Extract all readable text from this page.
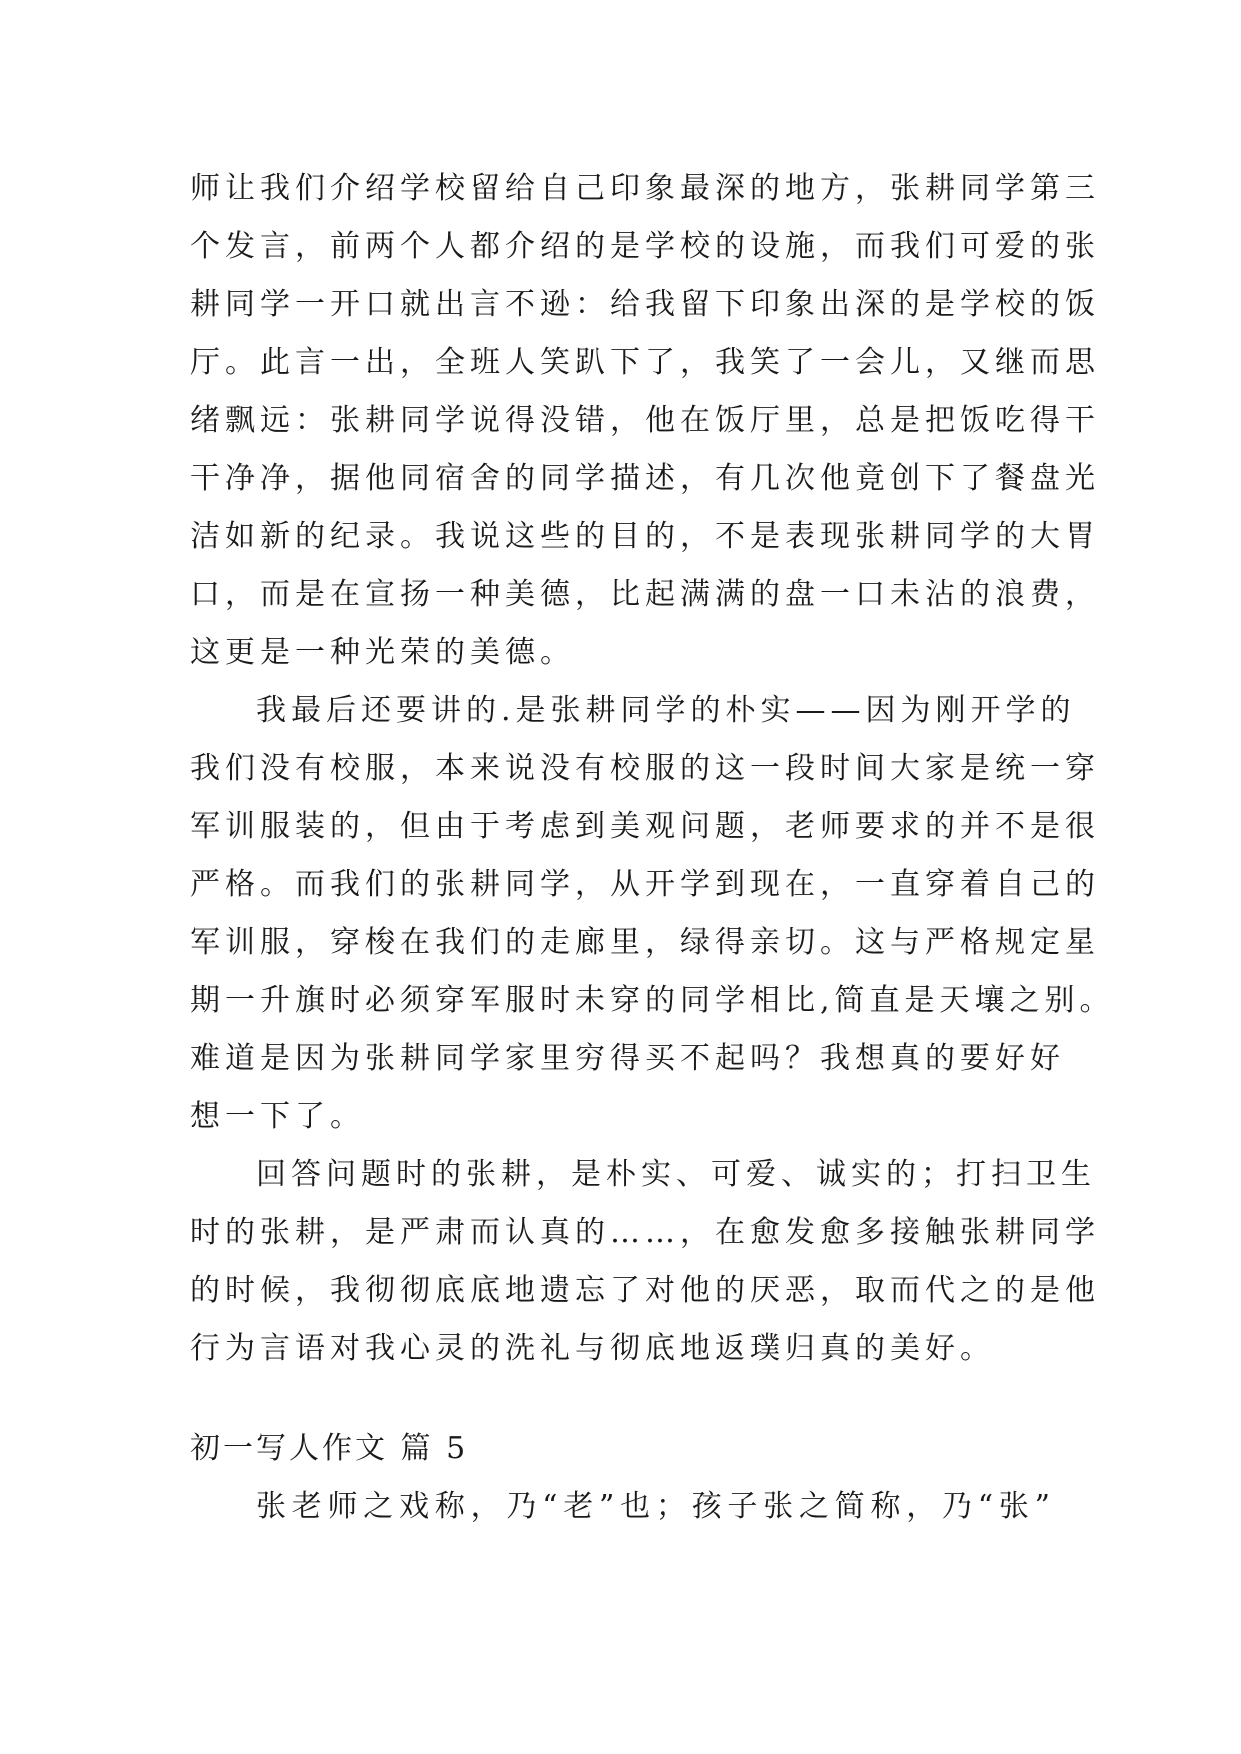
师让我们介绍学校留给自己印象最深的地方，张耕同学第三
个发言，前两个人都介绍的是学校的设施，而我们可爱的张
耕同学一开口就出言不逊：给我留下印象出深的是学校的饭
厅。此言一出，全班人笑趴下了，我笑了一会儿，又继而思
绪飘远：张耕同学说得没错，他在饭厅里，总是把饭吃得干
干净净，据他同宿舍的同学描述，有几次他竟创下了餐盘光
洁如新的纪录。我说这些的目的，不是表现张耕同学的大胃
口，而是在宣扬一种美德，比起满满的盘一口未沾的浪费，
这更是一种光荣的美德。
我最后还要讲的.是张耕同学的朴实——因为刚开学的
我们没有校服，本来说没有校服的这一段时间大家是统一穿
军训服装的，但由于考虑到美观问题，老师要求的并不是很
严格。而我们的张耕同学，从开学到现在，一直穿着自己的
军训服，穿梭在我们的走廊里，绿得亲切。这与严格规定星
期一升旗时必须穿军服时未穿的同学相比,简直是天壤之别。
难道是因为张耕同学家里穷得买不起吗？我想真的要好好
想一下了。
回答问题时的张耕，是朴实、可爱、诚实的；打扫卫生
时的张耕，是严肃而认真的……，在愈发愈多接触张耕同学
的时候，我彻彻底底地遗忘了对他的厌恶，取而代之的是他
行为言语对我心灵的洗礼与彻底地返璞归真的美好。
初一写人作文 篇 5
张老师之戏称，乃“老”也；孩子张之简称，乃“张”
